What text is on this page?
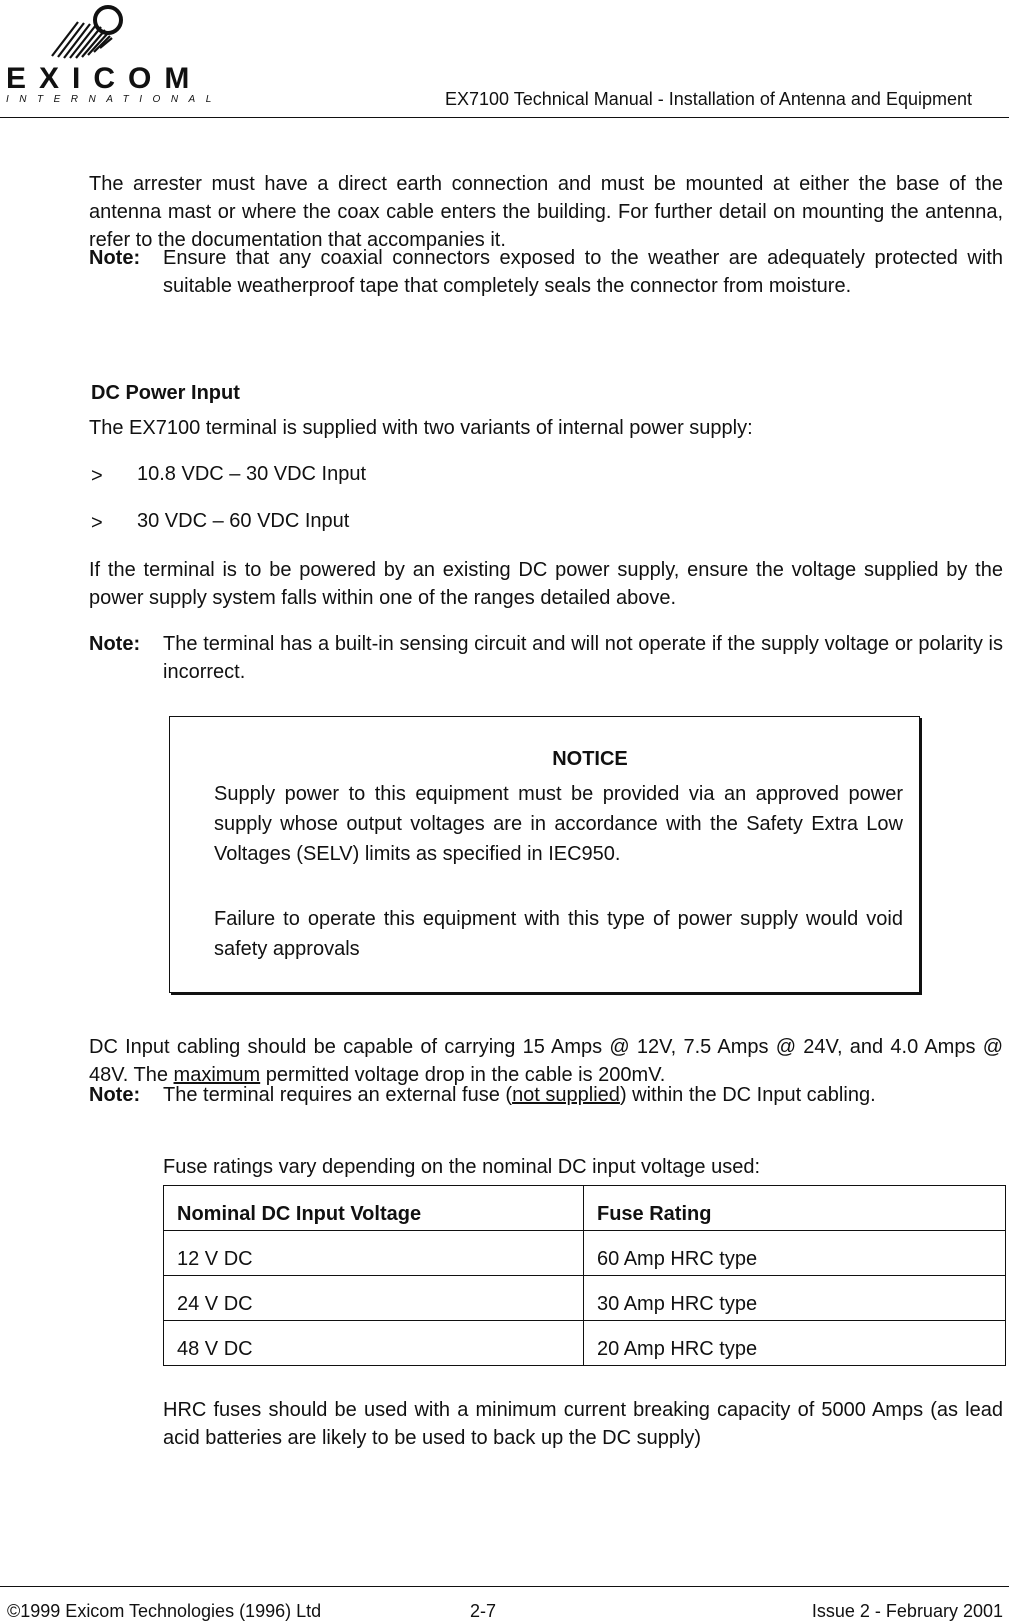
EXICOM
INTERNATIONAL	EX7100 Technical Manual - Installation of Antenna and Equipment
The arrester must have a direct earth connection and must be mounted at either the base of the antenna mast or where the coax cable enters the building. For further detail on mounting the antenna, refer to the documentation that accompanies it.
Note: Ensure that any coaxial connectors exposed to the weather are adequately protected with suitable weatherproof tape that completely seals the connector from moisture.
DC Power Input
The EX7100 terminal is supplied with two variants of internal power supply:
> 10.8 VDC – 30 VDC Input
> 30 VDC – 60 VDC Input
If the terminal is to be powered by an existing DC power supply, ensure the voltage supplied by the power supply system falls within one of the ranges detailed above.
Note: The terminal has a built-in sensing circuit and will not operate if the supply voltage or polarity is incorrect.
NOTICE
Supply power to this equipment must be provided via an approved power supply whose output voltages are in accordance with the Safety Extra Low Voltages (SELV) limits as specified in IEC950.
Failure to operate this equipment with this type of power supply would void safety approvals
DC Input cabling should be capable of carrying 15 Amps @ 12V, 7.5 Amps @ 24V, and 4.0 Amps @ 48V. The maximum permitted voltage drop in the cable is 200mV.
Note: The terminal requires an external fuse (not supplied) within the DC Input cabling.
Fuse ratings vary depending on the nominal DC input voltage used:
Nominal DC Input Voltage	Fuse Rating
12 V DC	60 Amp HRC type
24 V DC	30 Amp HRC type
48 V DC	20 Amp HRC type
HRC fuses should be used with a minimum current breaking capacity of 5000 Amps (as lead acid batteries are likely to be used to back up the DC supply)
©1999 Exicom Technologies (1996) Ltd	2-7	Issue 2 - February 2001
